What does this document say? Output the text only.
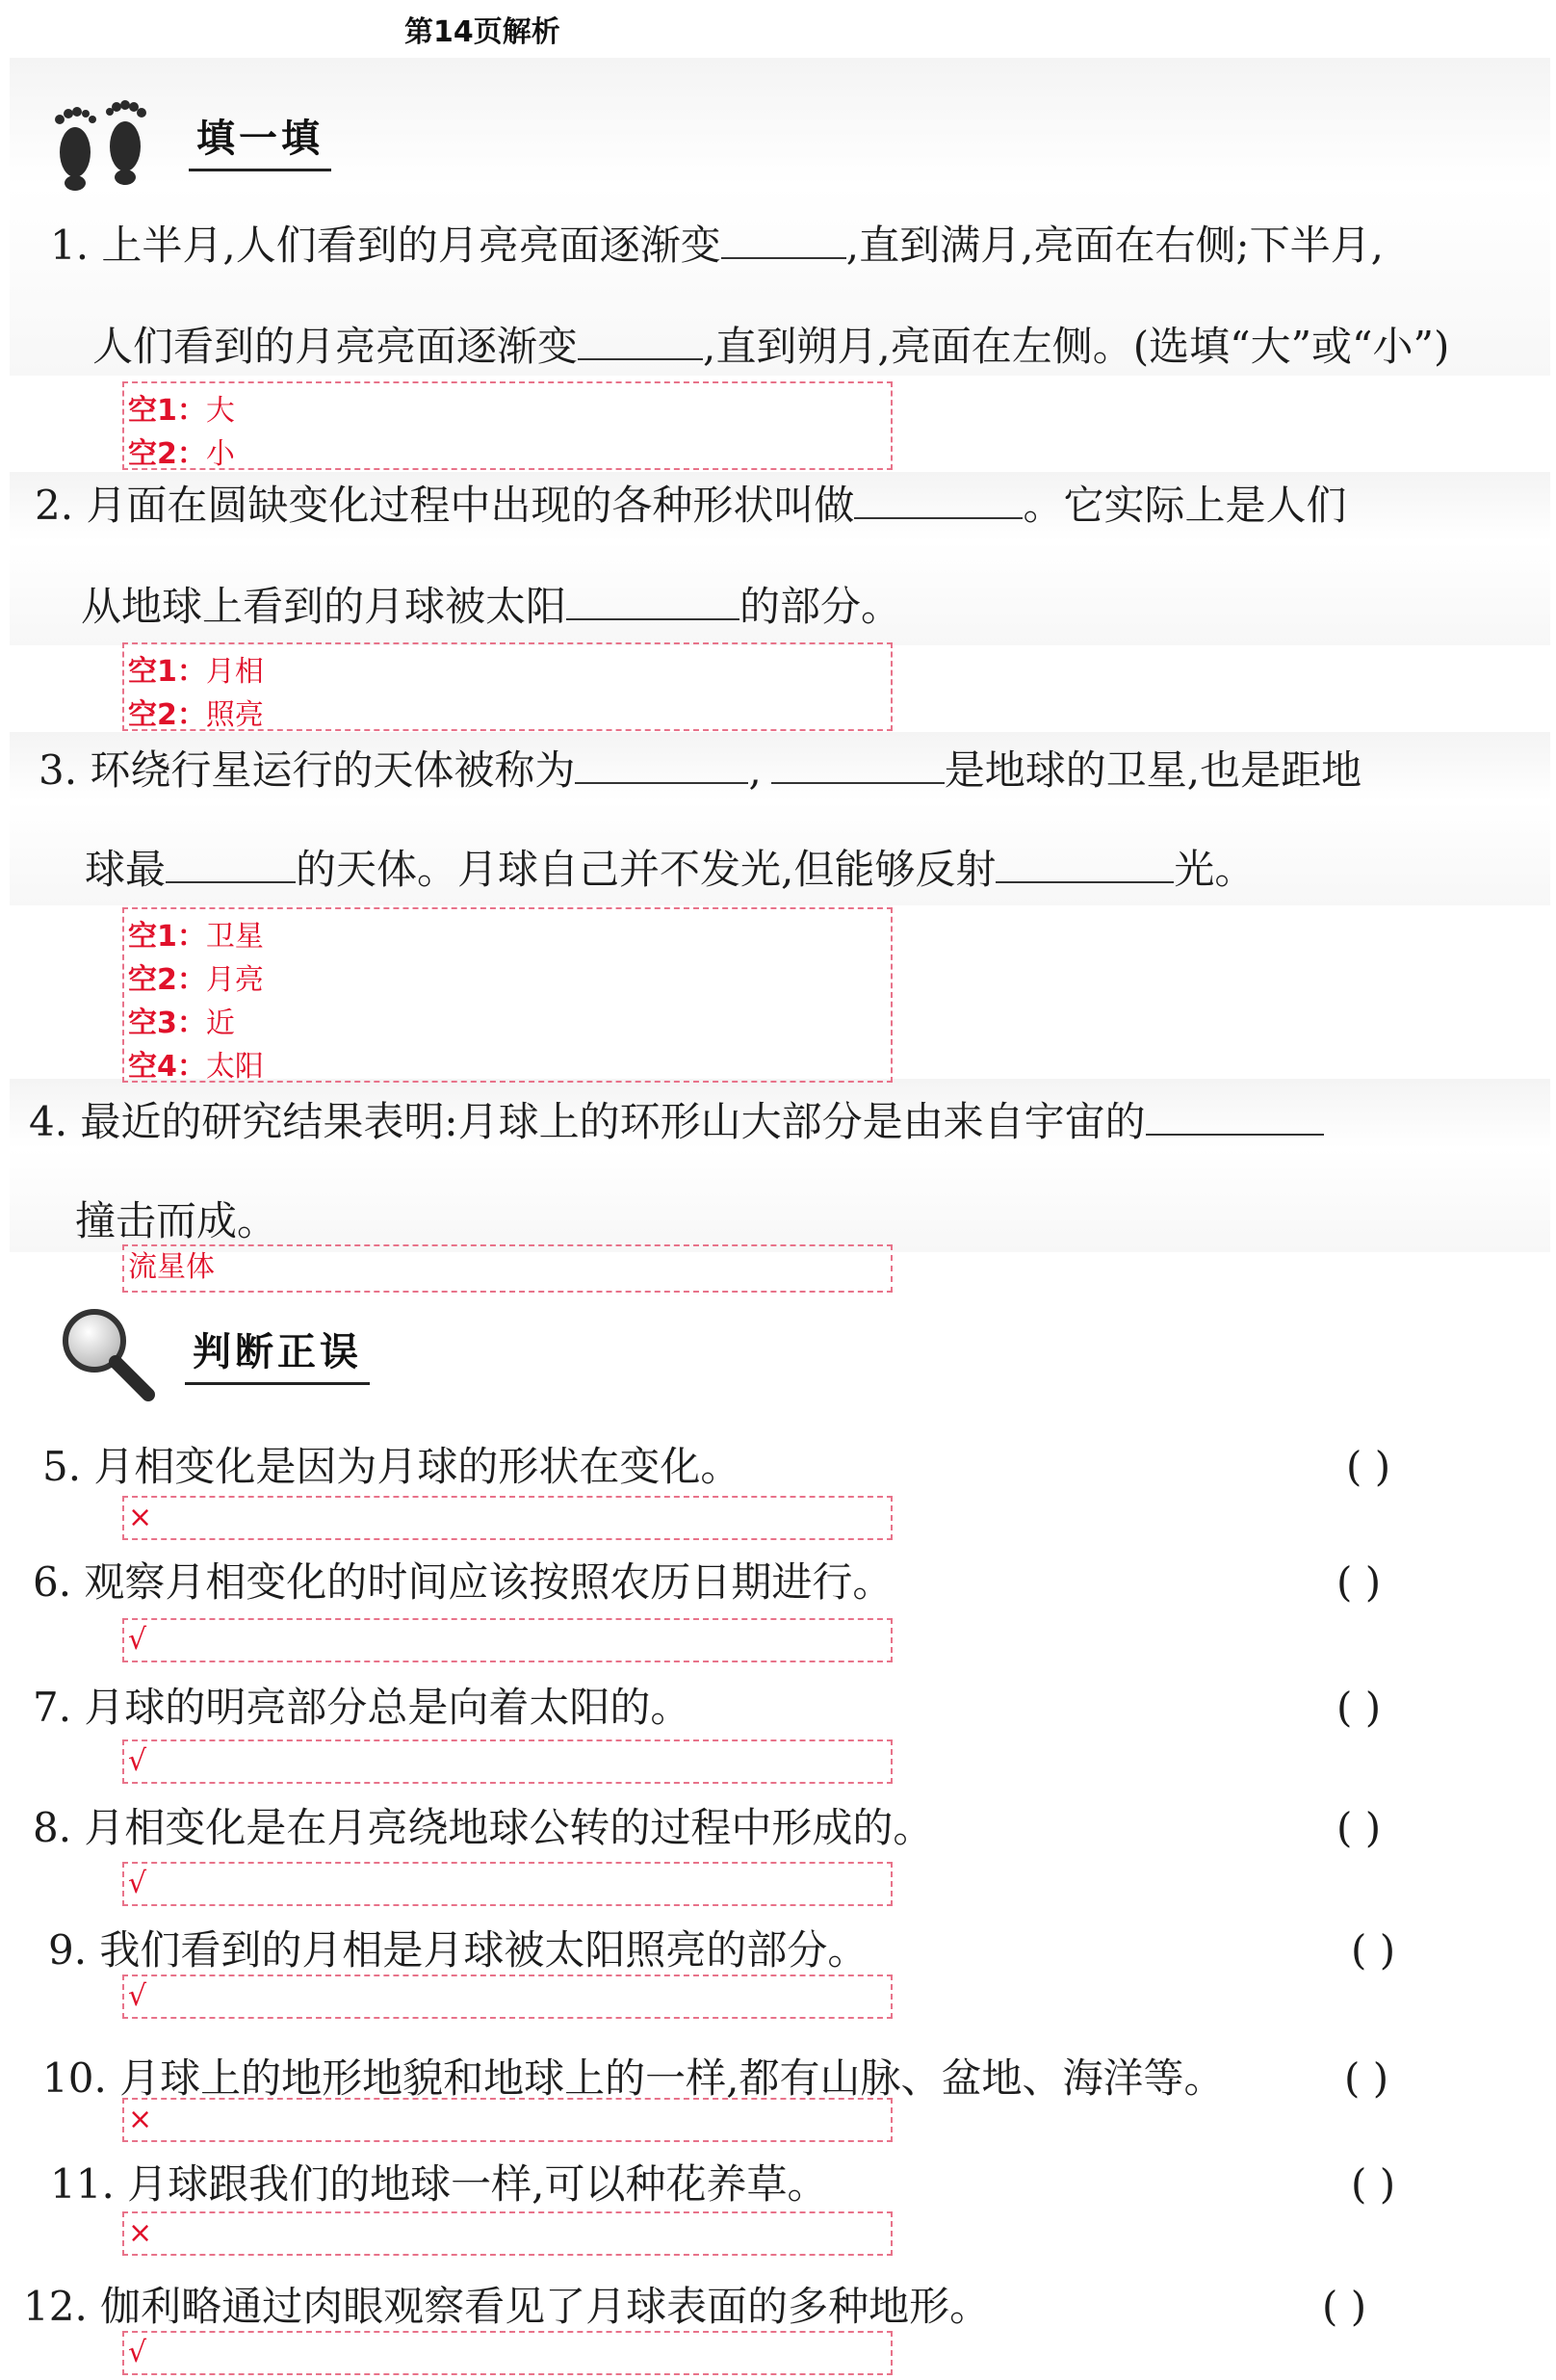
第14页解析
填一填
1. 上半月,人们看到的月亮亮面逐渐变	,直到满月,亮面在右侧;下半月,
人们看到的月亮亮面逐渐变	,直到朔月,亮面在左侧。(选填“大”或“小”)
空1：大
空2：小
2. 月面在圆缺变化过程中出现的各种形状叫做	。它实际上是人们
从地球上看到的月球被太阳	的部分。
空1：月相
空2：照亮
3. 环绕行星运行的天体被称为	,	是地球的卫星,也是距地
球最	的天体。月球自己并不发光,但能够反射	光。
空1：卫星
空2：月亮
空3：近
空4：太阳
4. 最近的研究结果表明:月球上的环形山大部分是由来自宇宙的
撞击而成。
流星体
判断正误
5. 月相变化是因为月球的形状在变化。	( )
×
6. 观察月相变化的时间应该按照农历日期进行。	( )
√
7. 月球的明亮部分总是向着太阳的。	( )
√
8. 月相变化是在月亮绕地球公转的过程中形成的。	( )
√
9. 我们看到的月相是月球被太阳照亮的部分。	( )
√
10. 月球上的地形地貌和地球上的一样,都有山脉、盆地、海洋等。	( )
×
11. 月球跟我们的地球一样,可以种花养草。	( )
×
12. 伽利略通过肉眼观察看见了月球表面的多种地形。	( )
√
